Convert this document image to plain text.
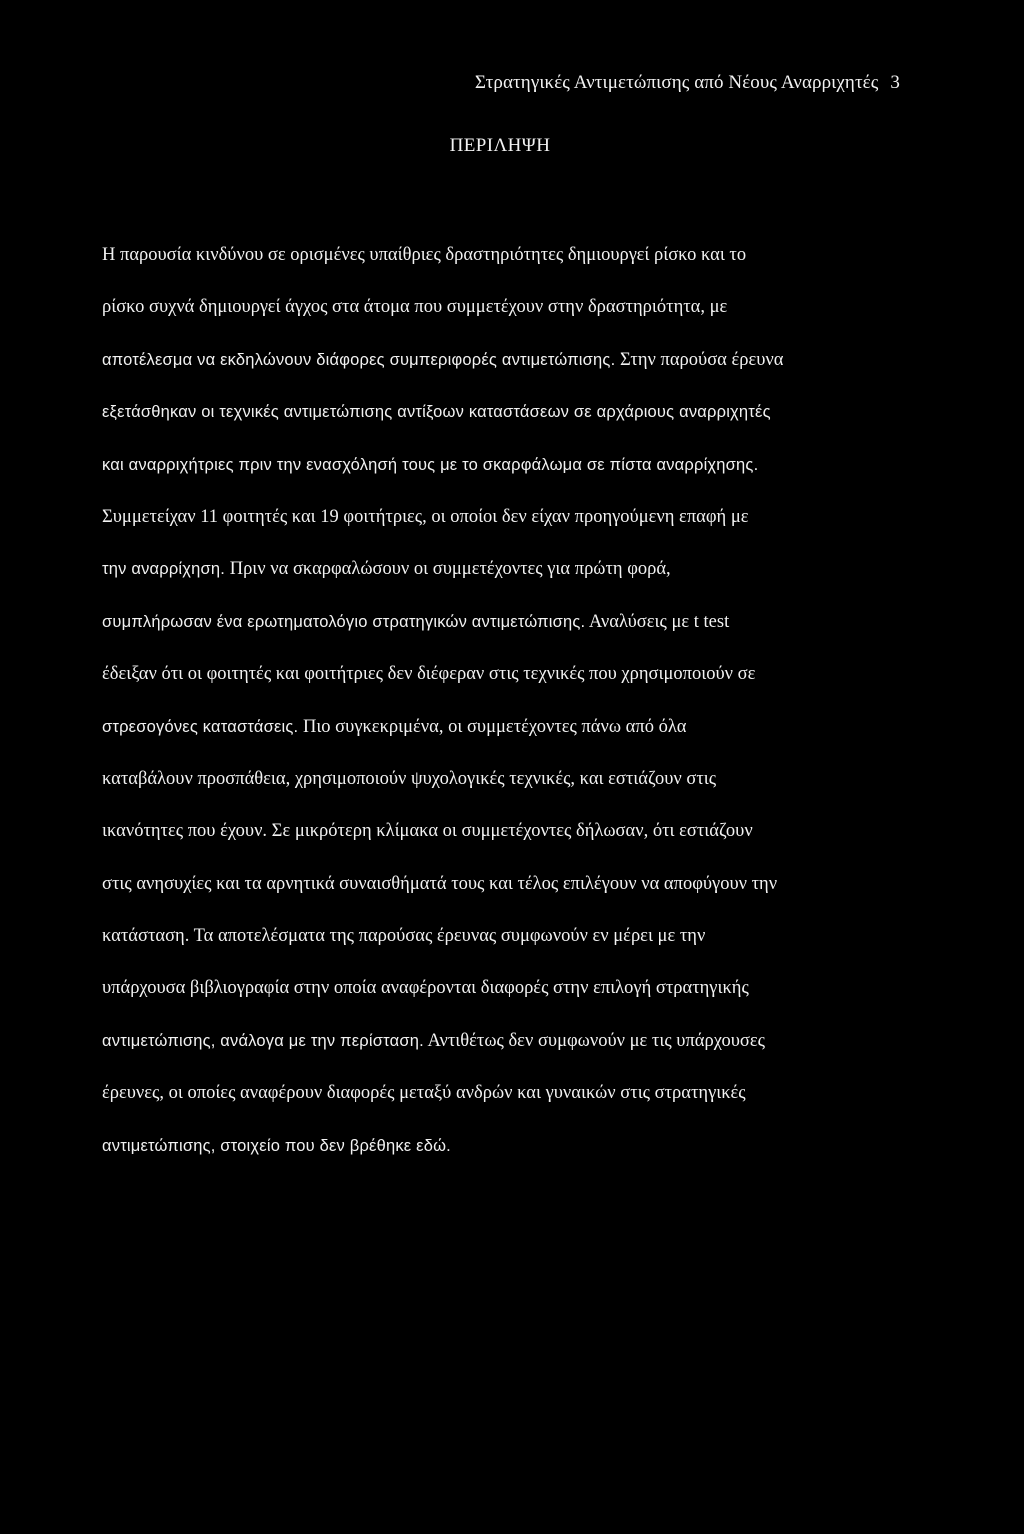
Στρατηγικές Αντιμετώπισης από Νέους Αναρριχητές 3
ΠΕΡΙΛΗΨΗ
Η παρουσία κινδύνου σε ορισμένες υπαίθριες δραστηριότητες δημιουργεί ρίσκο και το
ρίσκο συχνά δημιουργεί άγχος στα άτομα που συμμετέχουν στην δραστηριότητα, με
αποτέλεσμα να εκδηλώνουν διάφορες συμπεριφορές αντιμετώπισης. Στην παρούσα έρευνα
εξετάσθηκαν οι τεχνικές αντιμετώπισης αντίξοων καταστάσεων σε αρχάριους αναρριχητές
και αναρριχήτριες πριν την ενασχόλησή τους με το σκαρφάλωμα σε πίστα αναρρίχησης.
Συμμετείχαν 11 φοιτητές και 19 φοιτήτριες, οι οποίοι δεν είχαν προηγούμενη επαφή με
την αναρρίχηση. Πριν να σκαρφαλώσουν οι συμμετέχοντες για πρώτη φορά,
συμπλήρωσαν ένα ερωτηματολόγιο στρατηγικών αντιμετώπισης. Αναλύσεις με t test
έδειξαν ότι οι φοιτητές και φοιτήτριες δεν διέφεραν στις τεχνικές που χρησιμοποιούν σε
στρεσογόνες καταστάσεις. Πιο συγκεκριμένα, οι συμμετέχοντες πάνω από όλα
καταβάλουν προσπάθεια, χρησιμοποιούν ψυχολογικές τεχνικές, και εστιάζουν στις
ικανότητες που έχουν. Σε μικρότερη κλίμακα οι συμμετέχοντες δήλωσαν, ότι εστιάζουν
στις ανησυχίες και τα αρνητικά συναισθήματά τους και τέλος επιλέγουν να αποφύγουν την
κατάσταση. Τα αποτελέσματα της παρούσας έρευνας συμφωνούν εν μέρει με την
υπάρχουσα βιβλιογραφία στην οποία αναφέρονται διαφορές στην επιλογή στρατηγικής
αντιμετώπισης, ανάλογα με την περίσταση. Αντιθέτως δεν συμφωνούν με τις υπάρχουσες
έρευνες, οι οποίες αναφέρουν διαφορές μεταξύ ανδρών και γυναικών στις στρατηγικές
αντιμετώπισης, στοιχείο που δεν βρέθηκε εδώ.
